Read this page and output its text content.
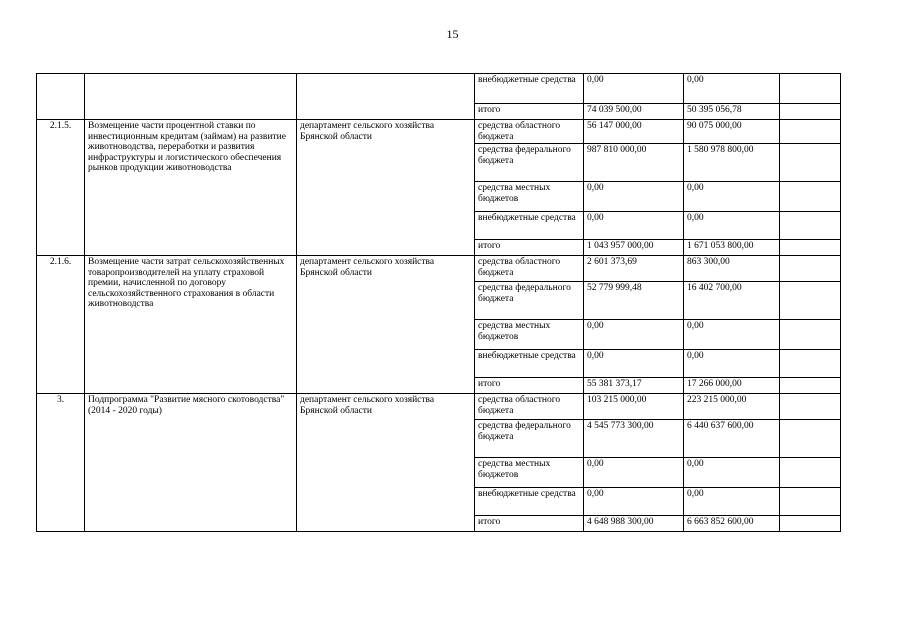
15
			внебюджетные средства	0,00	0,00	
			итого	74 039 500,00	50 395 056,78	
2.1.5.	Возмещение части процентной ставки по инвестиционным кредитам (займам) на развитие животноводства, переработки и развития инфраструктуры и логистического обеспечения рынков продукции животноводства	департамент сельского хозяйства Брянской области	средства областного бюджета	56 147 000,00	90 075 000,00	
			средства федерального бюджета	987 810 000,00	1 580 978 800,00	
			средства местных бюджетов	0,00	0,00	
			внебюджетные средства	0,00	0,00	
			итого	1 043 957 000,00	1 671 053 800,00	
2.1.6.	Возмещение части затрат сельскохозяйственных товаропроизводителей на уплату страховой премии, начисленной по договору сельскохозяйственного страхования в области животноводства	департамент сельского хозяйства Брянской области	средства областного бюджета	2 601 373,69	863 300,00	
			средства федерального бюджета	52 779 999,48	16 402 700,00	
			средства местных бюджетов	0,00	0,00	
			внебюджетные средства	0,00	0,00	
			итого	55 381 373,17	17 266 000,00	
3.	Подпрограмма "Развитие мясного скотоводства" (2014 - 2020 годы)	департамент сельского хозяйства Брянской области	средства областного бюджета	103 215 000,00	223 215 000,00	
			средства федерального бюджета	4 545 773 300,00	6 440 637 600,00	
			средства местных бюджетов	0,00	0,00	
			внебюджетные средства	0,00	0,00	
			итого	4 648 988 300,00	6 663 852 600,00	
